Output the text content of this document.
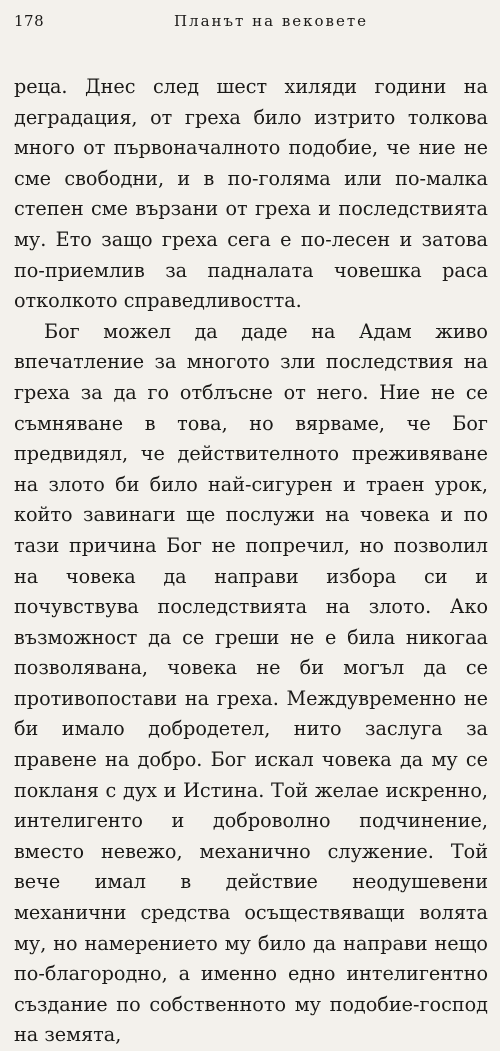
178	Планът на вековете

реца. Днес след шест хиляди години на деградация, от греха било изтрито толкова много от първоначалното подобие, че ние не сме свободни, и в по-голяма или по-малка степен сме вързани от греха и последствията му. Ето защо греха сега е по-лесен и затова по-приемлив за падналата човешка раса отколкото справедливостта.

Бог можел да даде на Адам живо впечатление за многото зли последствия на греха за да го отблъсне от него. Ние не се съмняване в това, но вярваме, че Бог предвидял, че действителното преживяване на злото би било най-сигурен и траен урок, който завинаги ще послужи на човека и по тази причина Бог не попречил, но позволил на човека да направи избора си и почувствува последствията на злото. Ако възможност да се греши не е била никогаа позволявана, човека не би могъл да се противопостави на греха. Междувременно не би имало добродетел, нито заслуга за правене на добро. Бог искал човека да му се покланя с дух и Истина. Той желае искренно, интелигенто и доброволно подчинение, вместо невежо, механично служение. Той вече имал в действие неодушевени механични средства осъществяващи волята му, но намерението му било да направи нещо по-благородно, а именно едно интелигентно създание по собственното му подобие-господ на земята,
